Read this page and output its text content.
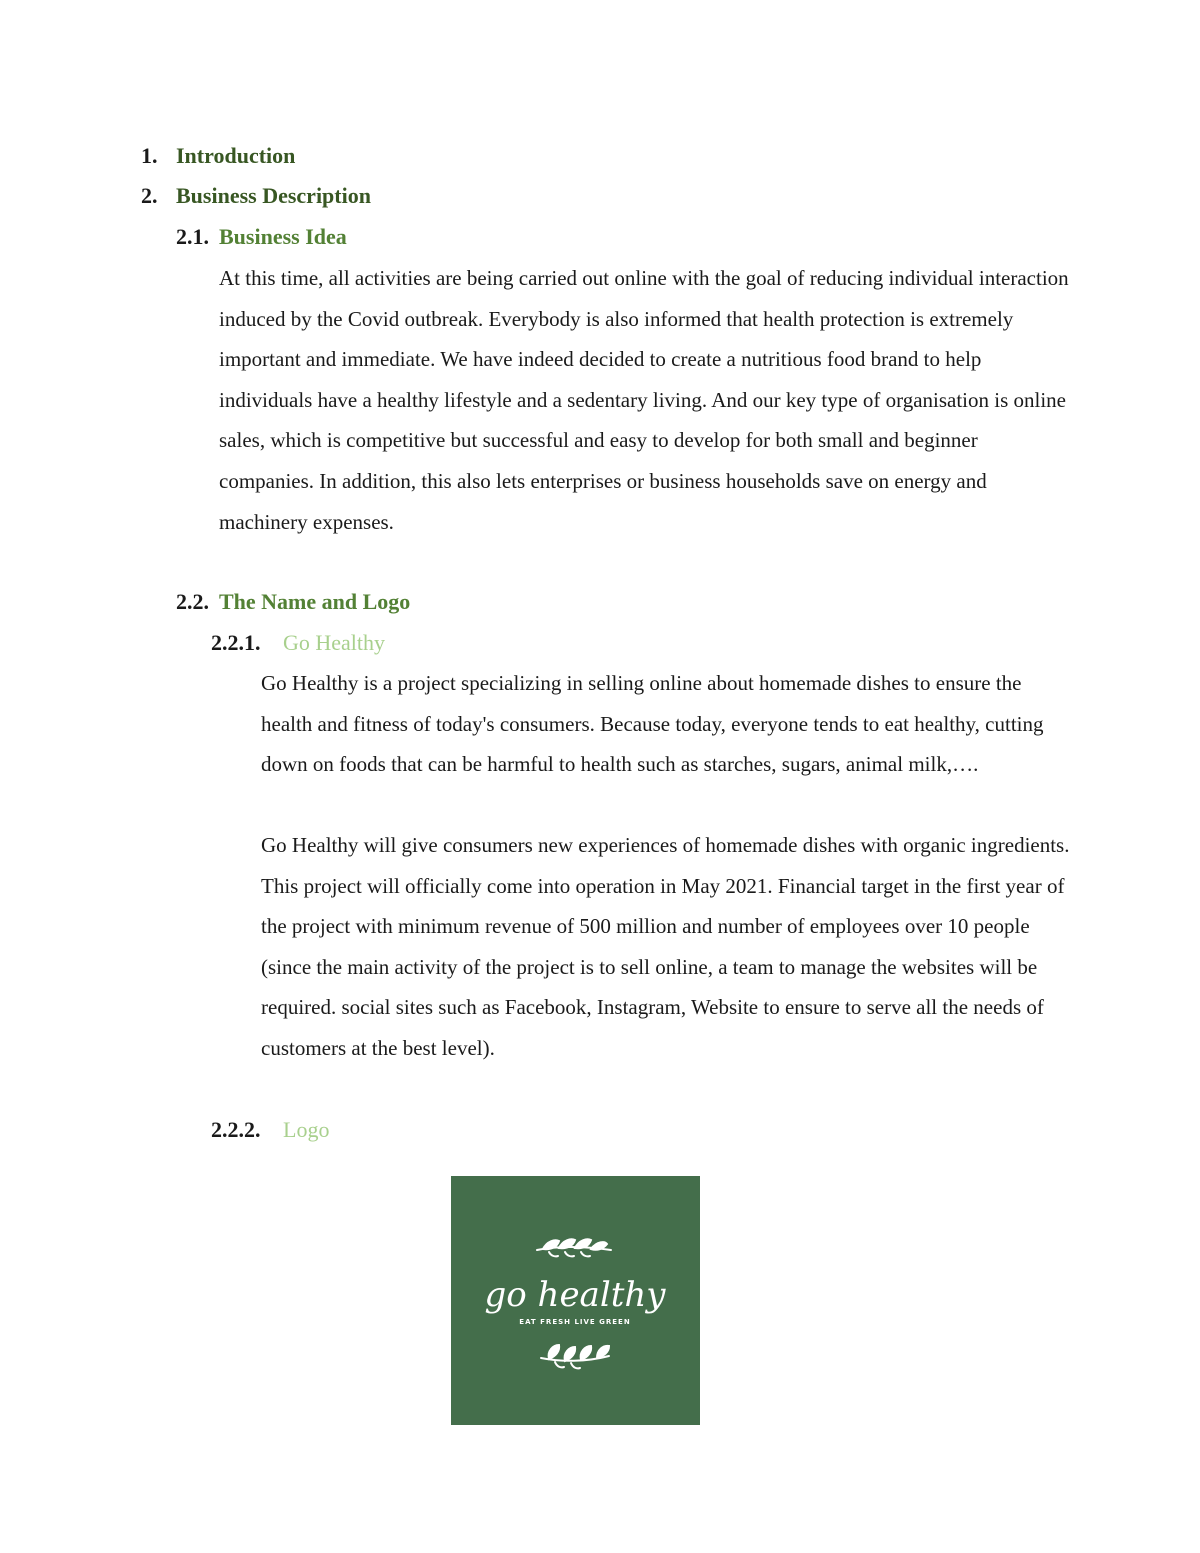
1. Introduction
2. Business Description
2.1. Business Idea

At this time, all activities are being carried out online with the goal of reducing individual interaction induced by the Covid outbreak. Everybody is also informed that health protection is extremely important and immediate. We have indeed decided to create a nutritious food brand to help individuals have a healthy lifestyle and a sedentary living. And our key type of organisation is online sales, which is competitive but successful and easy to develop for both small and beginner companies. In addition, this also lets enterprises or business households save on energy and machinery expenses.

2.2. The Name and Logo
2.2.1. Go Healthy

Go Healthy is a project specializing in selling online about homemade dishes to ensure the health and fitness of today's consumers. Because today, everyone tends to eat healthy, cutting down on foods that can be harmful to health such as starches, sugars, animal milk,….

Go Healthy will give consumers new experiences of homemade dishes with organic ingredients. This project will officially come into operation in May 2021. Financial target in the first year of the project with minimum revenue of 500 million and number of employees over 10 people (since the main activity of the project is to sell online, a team to manage the websites will be required. social sites such as Facebook, Instagram, Website to ensure to serve all the needs of customers at the best level).

2.2.2. Logo
go healthy
EAT FRESH LIVE GREEN
